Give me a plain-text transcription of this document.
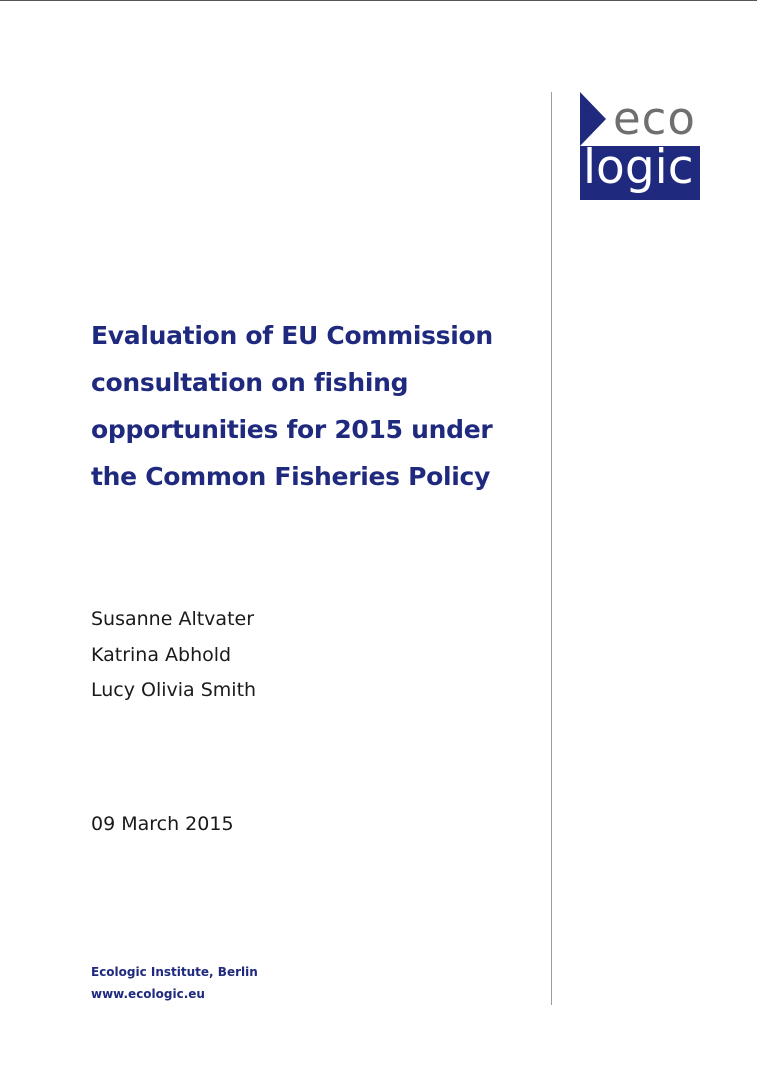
eco
logic
Evaluation of EU Commission consultation on fishing opportunities for 2015 under the Common Fisheries Policy
Susanne Altvater
Katrina Abhold
Lucy Olivia Smith
09 March 2015
Ecologic Institute, Berlin
www.ecologic.eu
